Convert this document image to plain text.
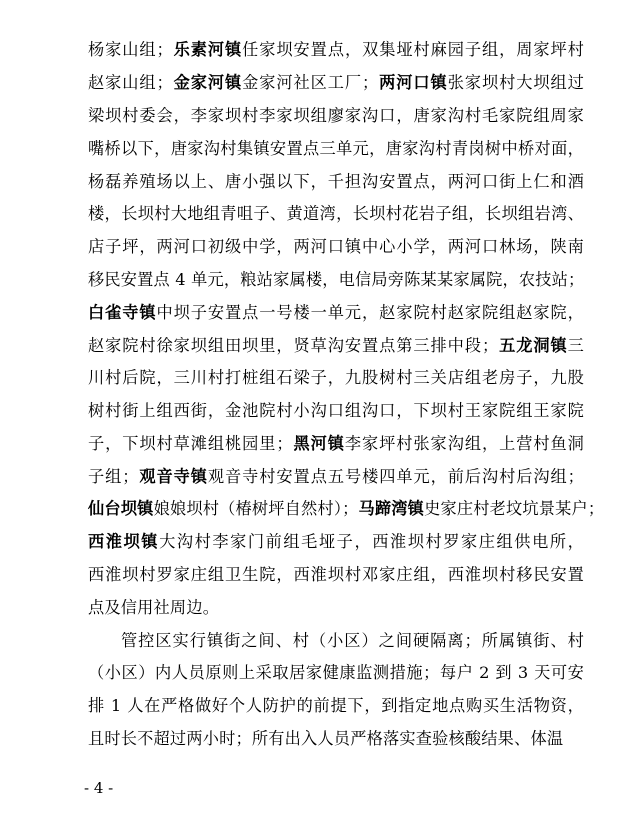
杨家山组；乐素河镇任家坝安置点，双集垭村麻园子组，周家坪村
赵家山组；金家河镇金家河社区工厂；两河口镇张家坝村大坝组过
梁坝村委会，李家坝村李家坝组廖家沟口，唐家沟村毛家院组周家
嘴桥以下，唐家沟村集镇安置点三单元，唐家沟村青岗树中桥对面，
杨磊养殖场以上、唐小强以下，千担沟安置点，两河口街上仁和酒
楼，长坝村大地组青咀子、黄道湾，长坝村花岩子组，长坝组岩湾、
店子坪，两河口初级中学，两河口镇中心小学，两河口林场，陕南
移民安置点 4 单元，粮站家属楼，电信局旁陈某某家属院，农技站；
白雀寺镇中坝子安置点一号楼一单元，赵家院村赵家院组赵家院，
赵家院村徐家坝组田坝里，贤草沟安置点第三排中段；五龙洞镇三
川村后院，三川村打桩组石梁子，九股树村三关店组老房子，九股
树村街上组西街，金池院村小沟口组沟口，下坝村王家院组王家院
子，下坝村草滩组桃园里；黑河镇李家坪村张家沟组，上营村鱼洞
子组；观音寺镇观音寺村安置点五号楼四单元，前后沟村后沟组；
仙台坝镇娘娘坝村（椿树坪自然村）；马蹄湾镇史家庄村老坟坑景某户；
西淮坝镇大沟村李家门前组毛垭子，西淮坝村罗家庄组供电所，
西淮坝村罗家庄组卫生院，西淮坝村邓家庄组，西淮坝村移民安置
点及信用社周边。
管控区实行镇街之间、村（小区）之间硬隔离；所属镇街、村
（小区）内人员原则上采取居家健康监测措施；每户 2 到 3 天可安
排 1 人在严格做好个人防护的前提下，到指定地点购买生活物资，
且时长不超过两小时；所有出入人员严格落实查验核酸结果、体温
- 4 -
